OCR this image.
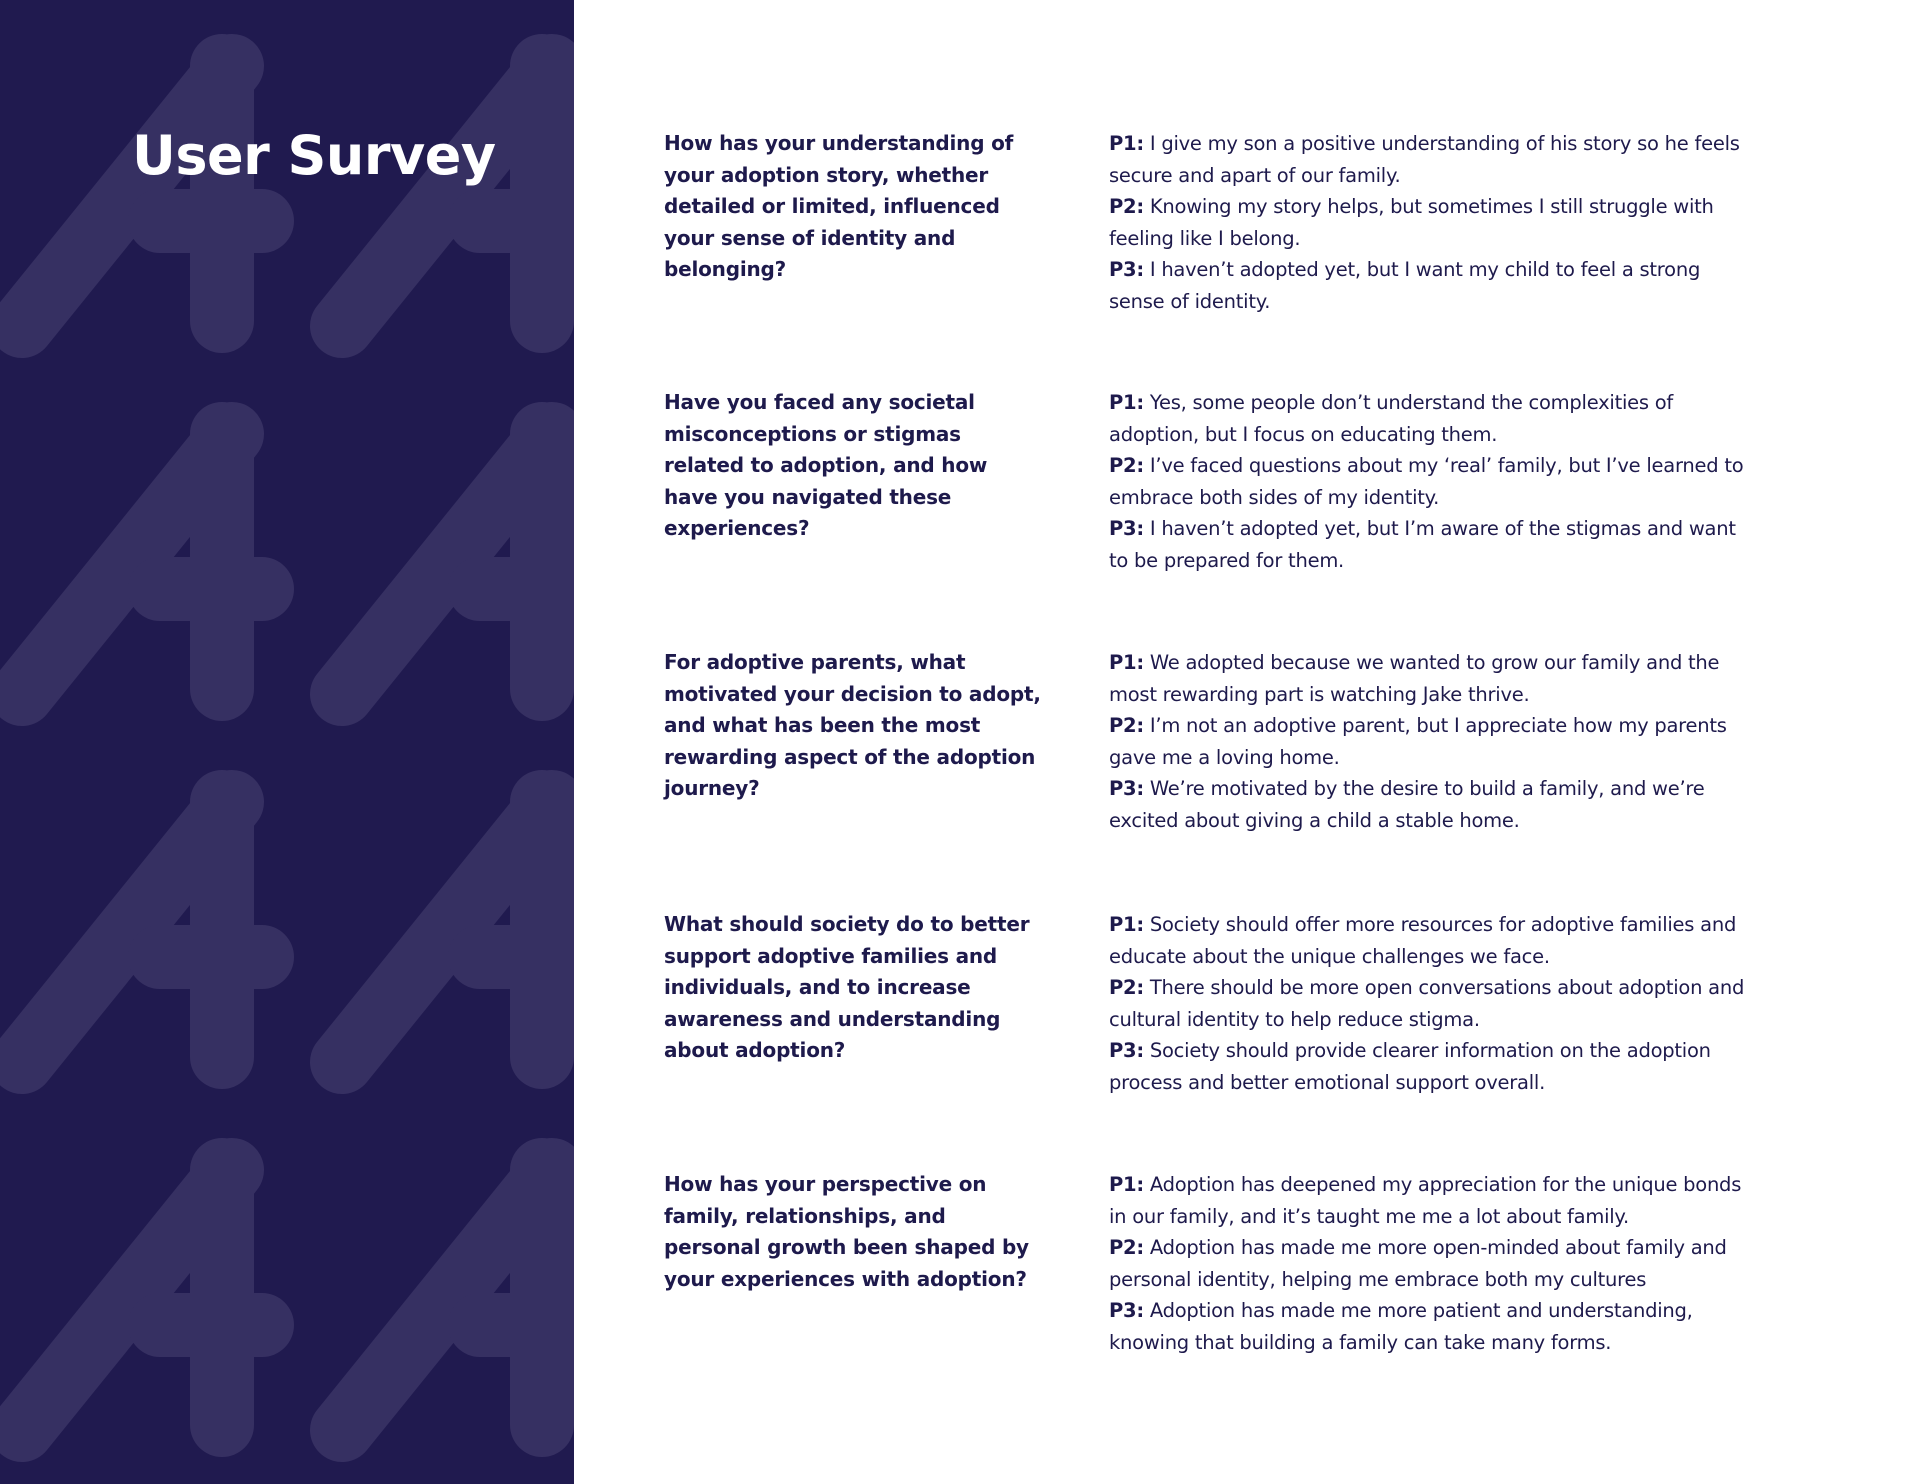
User Survey	How has your understanding of your adoption story, whether detailed or limited, influenced your sense of identity and belonging?

P1: I give my son a positive understanding of his story so he feels secure and apart of our family.
P2: Knowing my story helps, but sometimes I still struggle with feeling like I belong.
P3: I haven’t adopted yet, but I want my child to feel a strong sense of identity.

Have you faced any societal misconceptions or stigmas related to adoption, and how have you navigated these experiences?

P1: Yes, some people don’t understand the complexities of adoption, but I focus on educating them.
P2: I’ve faced questions about my ‘real’ family, but I’ve learned to embrace both sides of my identity.
P3: I haven’t adopted yet, but I’m aware of the stigmas and want to be prepared for them.

For adoptive parents, what motivated your decision to adopt, and what has been the most rewarding aspect of the adoption journey?

P1: We adopted because we wanted to grow our family and the most rewarding part is watching Jake thrive.
P2: I’m not an adoptive parent, but I appreciate how my parents gave me a loving home.
P3: We’re motivated by the desire to build a family, and we’re excited about giving a child a stable home.

What should society do to better support adoptive families and individuals, and to increase awareness and understanding about adoption?

P1: Society should offer more resources for adoptive families and educate about the unique challenges we face.
P2: There should be more open conversations about adoption and cultural identity to help reduce stigma.
P3: Society should provide clearer information on the adoption process and better emotional support overall.

How has your perspective on family, relationships, and personal growth been shaped by your experiences with adoption?

P1: Adoption has deepened my appreciation for the unique bonds in our family, and it’s taught me me a lot about family.
P2: Adoption has made me more open-minded about family and personal identity, helping me embrace both my cultures
P3: Adoption has made me more patient and understanding, knowing that building a family can take many forms.
